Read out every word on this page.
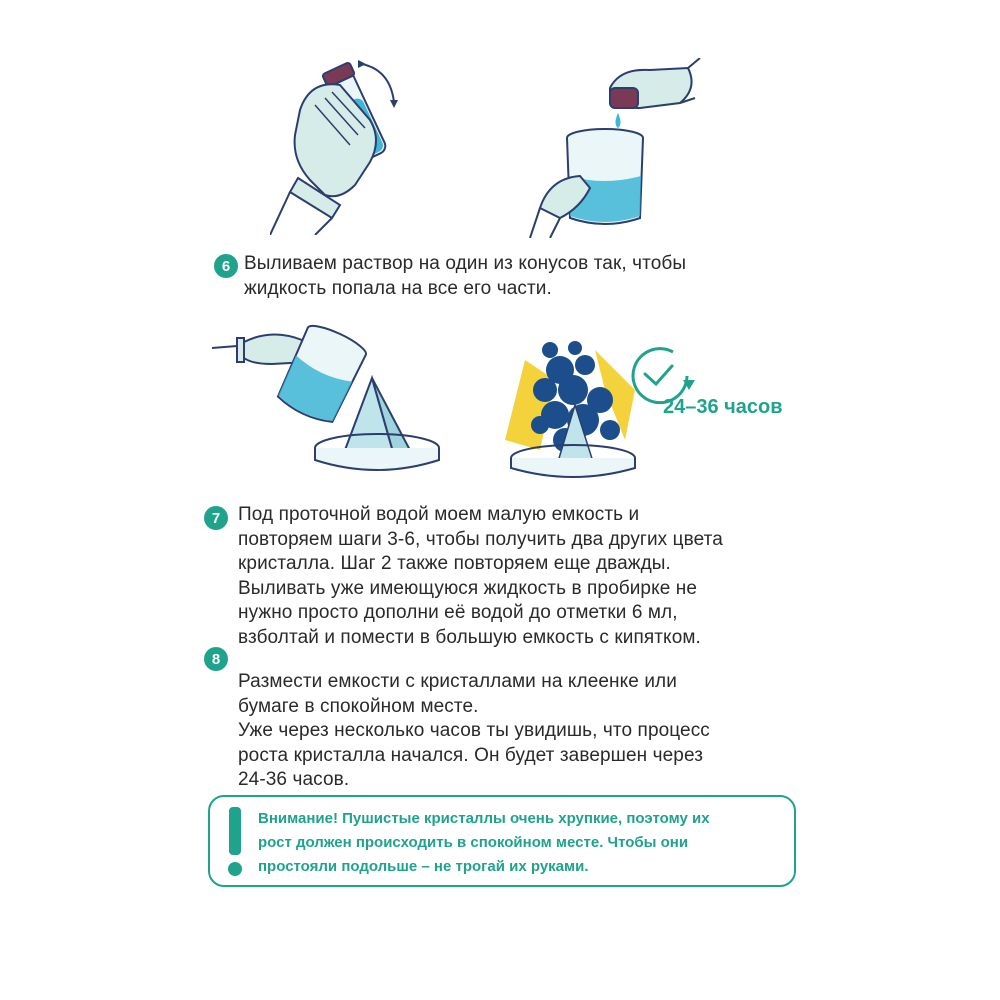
6 Выливаем раствор на один из конусов так, чтобы
жидкость попала на все его части.
24–36 часов
7 Под проточной водой моем малую емкость и
повторяем шаги 3-6, чтобы получить два других цвета
кристалла. Шаг 2 также повторяем еще дважды.
Выливать уже имеющуюся жидкость в пробирке не
нужно просто дополни её водой до отметки 6 мл,
взболтай и помести в большую емкость с кипятком.
8
Размести емкости с кристаллами на клеенке или
бумаге в спокойном месте.
Уже через несколько часов ты увидишь, что процесс
роста кристалла начался. Он будет завершен через
24-36 часов.
Внимание! Пушистые кристаллы очень хрупкие, поэтому их
рост должен происходить в спокойном месте. Чтобы они
простояли подольше – не трогай их руками.
